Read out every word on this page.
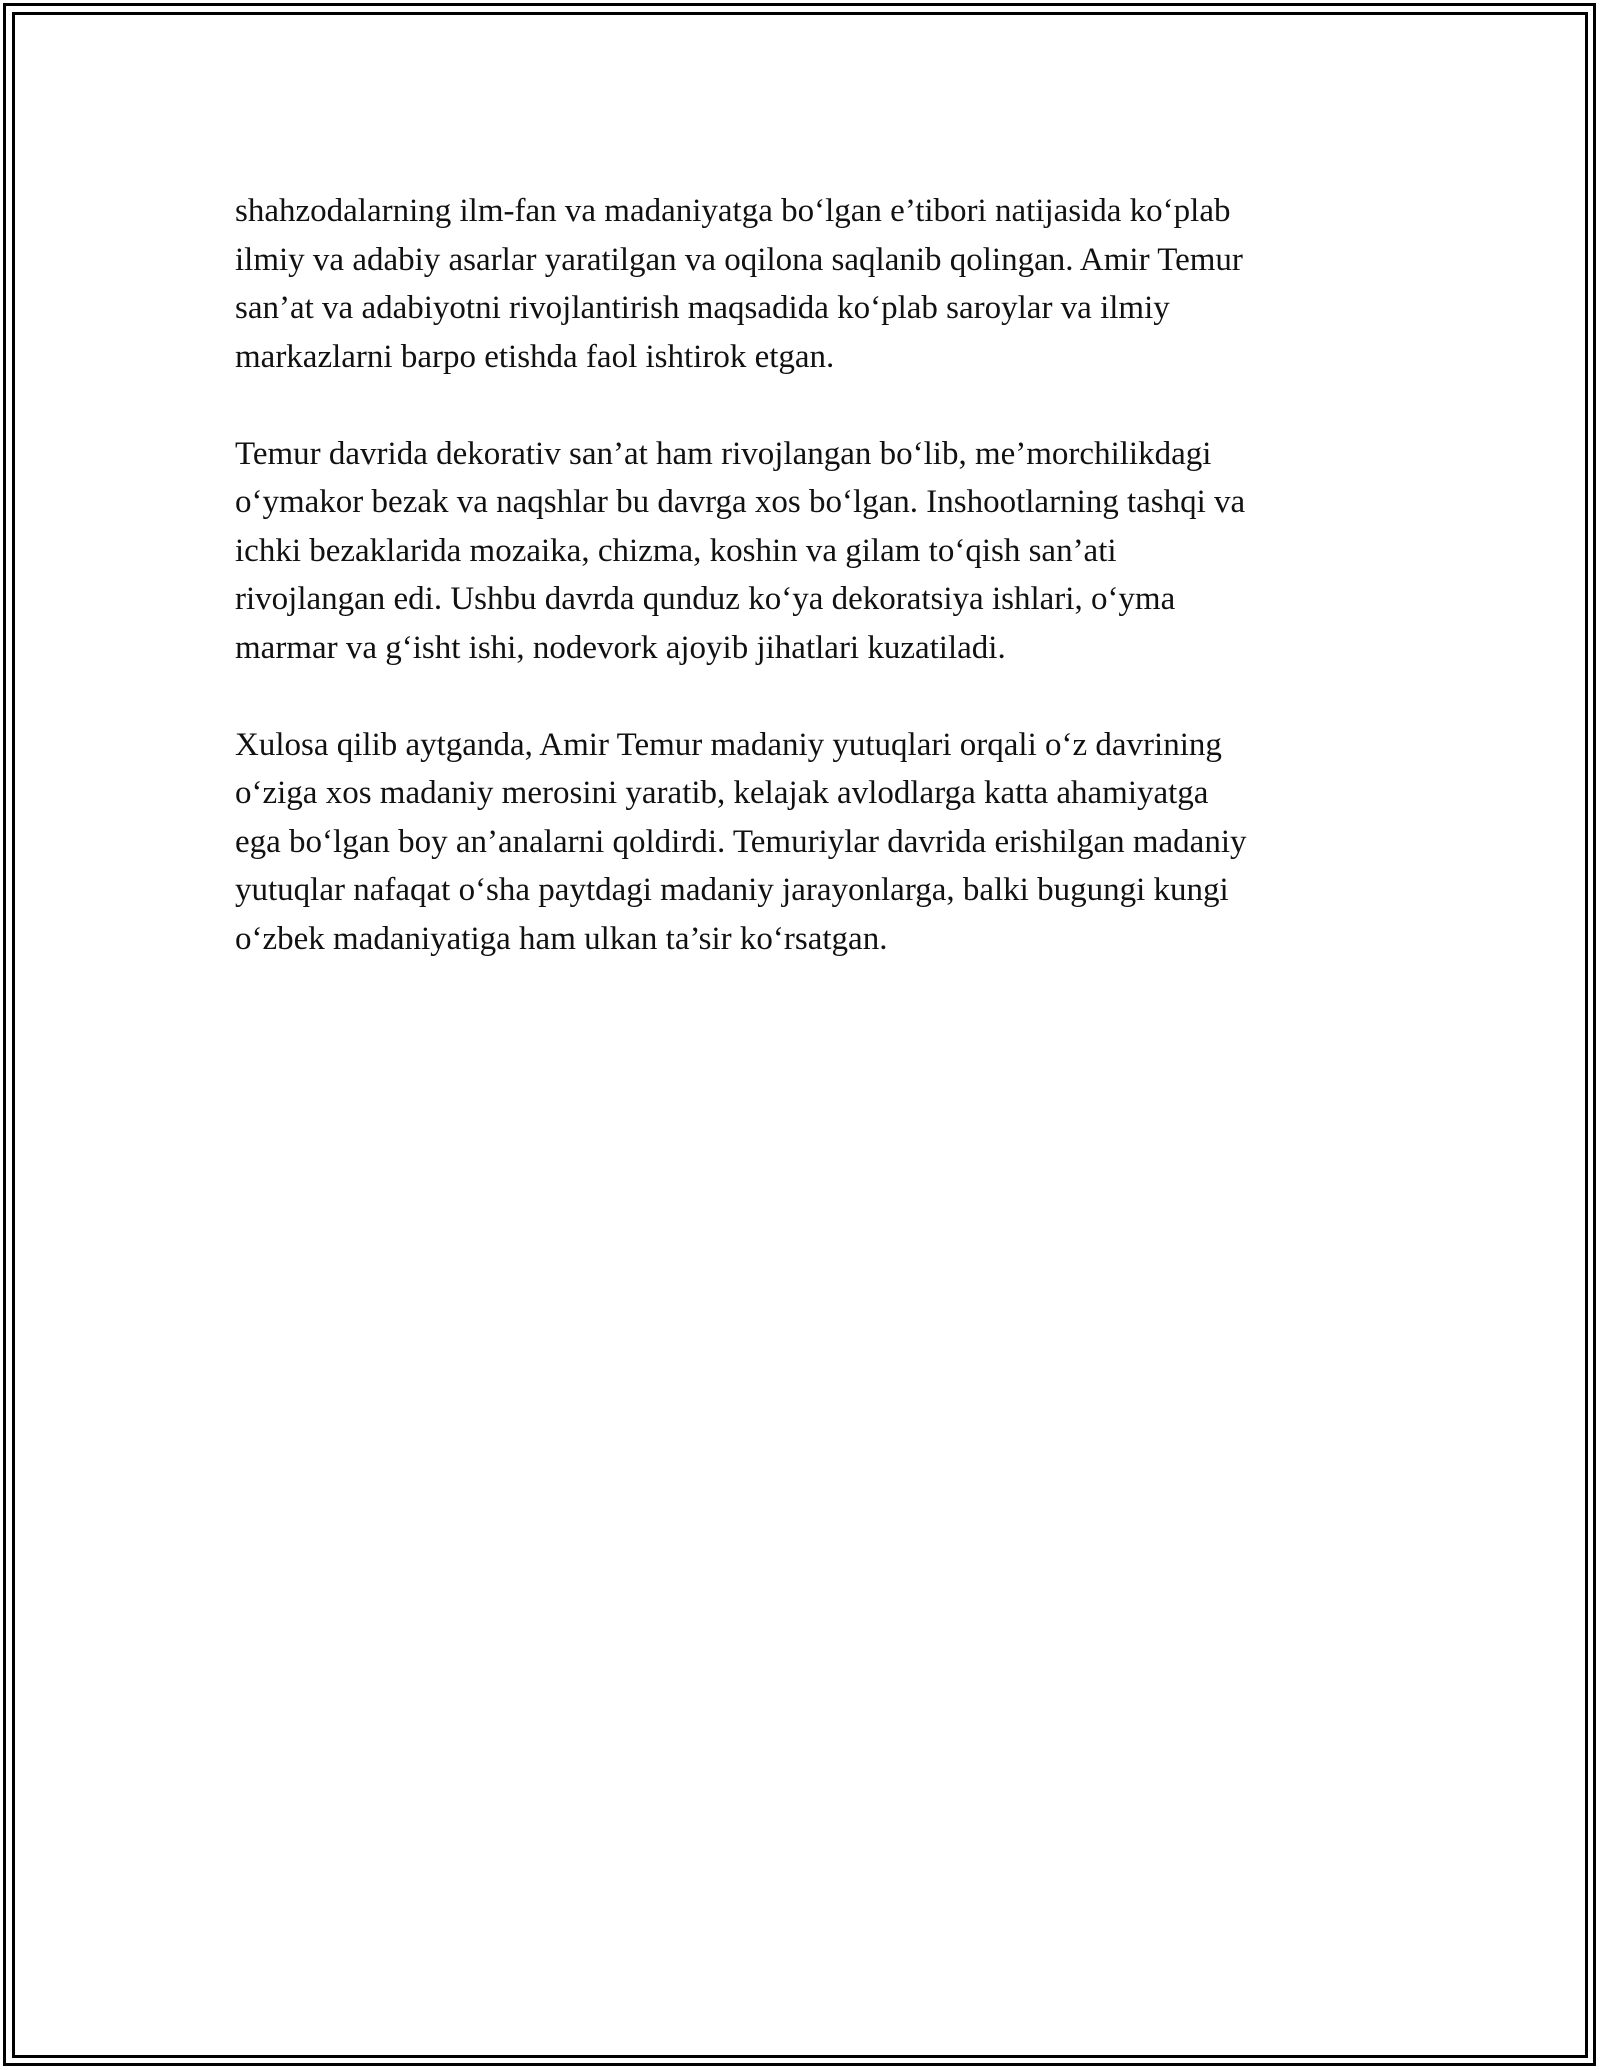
shahzodalarning ilm-fan va madaniyatga bo‘lgan e’tibori natijasida ko‘plab
ilmiy va adabiy asarlar yaratilgan va oqilona saqlanib qolingan. Amir Temur
san’at va adabiyotni rivojlantirish maqsadida ko‘plab saroylar va ilmiy
markazlarni barpo etishda faol ishtirok etgan.

Temur davrida dekorativ san’at ham rivojlangan bo‘lib, me’morchilikdagi
o‘ymakor bezak va naqshlar bu davrga xos bo‘lgan. Inshootlarning tashqi va
ichki bezaklarida mozaika, chizma, koshin va gilam to‘qish san’ati
rivojlangan edi. Ushbu davrda qunduz ko‘ya dekoratsiya ishlari, o‘yma
marmar va g‘isht ishi, nodevork ajoyib jihatlari kuzatiladi.

Xulosa qilib aytganda, Amir Temur madaniy yutuqlari orqali o‘z davrining
o‘ziga xos madaniy merosini yaratib, kelajak avlodlarga katta ahamiyatga
ega bo‘lgan boy an’analarni qoldirdi. Temuriylar davrida erishilgan madaniy
yutuqlar nafaqat o‘sha paytdagi madaniy jarayonlarga, balki bugungi kungi
o‘zbek madaniyatiga ham ulkan ta’sir ko‘rsatgan.
